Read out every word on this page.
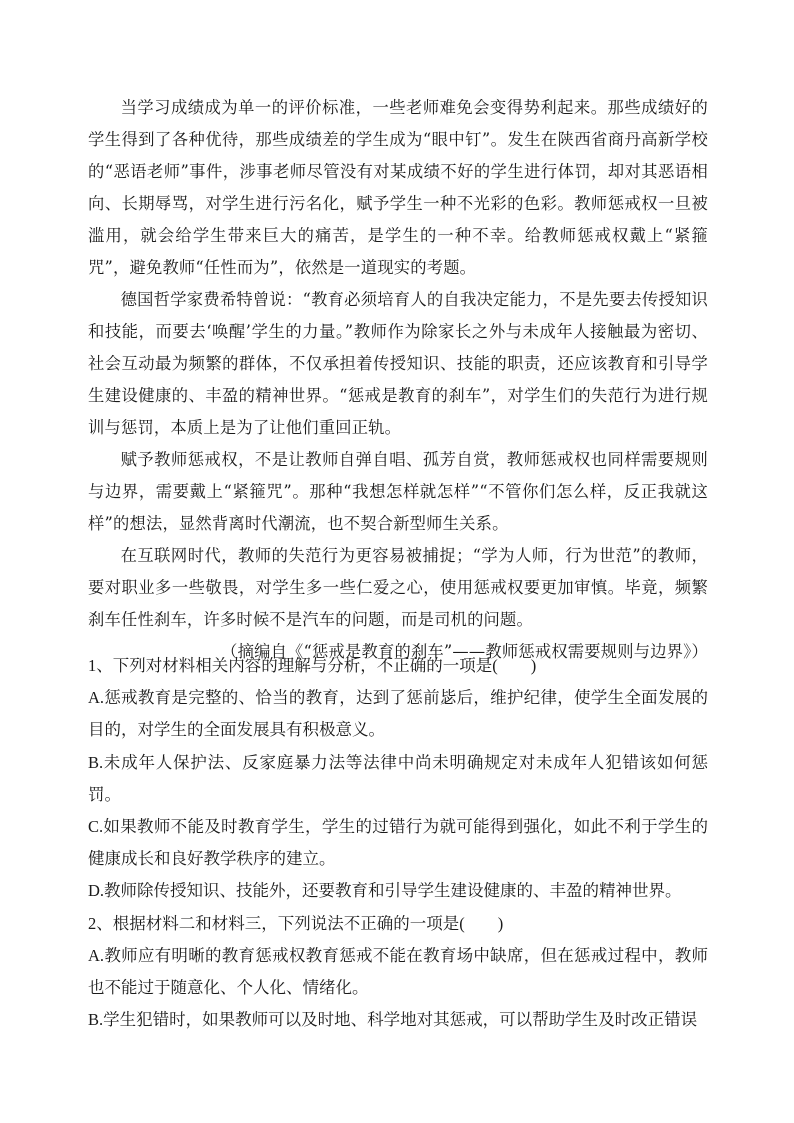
当学习成绩成为单一的评价标准，一些老师难免会变得势利起来。那些成绩好的学生得到了各种优待，那些成绩差的学生成为“眼中钉”。发生在陕西省商丹高新学校的“恶语老师”事件，涉事老师尽管没有对某成绩不好的学生进行体罚，却对其恶语相向、长期辱骂，对学生进行污名化，赋予学生一种不光彩的色彩。教师惩戒权一旦被滥用，就会给学生带来巨大的痛苦，是学生的一种不幸。给教师惩戒权戴上“紧箍咒”，避免教师“任性而为”，依然是一道现实的考题。

德国哲学家费希特曾说：“教育必须培育人的自我决定能力，不是先要去传授知识和技能，而要去‘唤醒’学生的力量。”教师作为除家长之外与未成年人接触最为密切、社会互动最为频繁的群体，不仅承担着传授知识、技能的职责，还应该教育和引导学生建设健康的、丰盈的精神世界。“惩戒是教育的刹车”，对学生们的失范行为进行规训与惩罚，本质上是为了让他们重回正轨。

赋予教师惩戒权，不是让教师自弹自唱、孤芳自赏，教师惩戒权也同样需要规则与边界，需要戴上“紧箍咒”。那种“我想怎样就怎样”“不管你们怎么样，反正我就这样”的想法，显然背离时代潮流，也不契合新型师生关系。

在互联网时代，教师的失范行为更容易被捕捉；“学为人师，行为世范”的教师，要对职业多一些敬畏，对学生多一些仁爱之心，使用惩戒权要更加审慎。毕竟，频繁刹车任性刹车，许多时候不是汽车的问题，而是司机的问题。

（摘编自《“惩戒是教育的刹车”——教师惩戒权需要规则与边界》）

1、下列对材料相关内容的理解与分析，不正确的一项是(　　)

A.惩戒教育是完整的、恰当的教育，达到了惩前毖后，维护纪律，使学生全面发展的目的，对学生的全面发展具有积极意义。

B.未成年人保护法、反家庭暴力法等法律中尚未明确规定对未成年人犯错该如何惩罚。

C.如果教师不能及时教育学生，学生的过错行为就可能得到强化，如此不利于学生的健康成长和良好教学秩序的建立。

D.教师除传授知识、技能外，还要教育和引导学生建设健康的、丰盈的精神世界。

2、根据材料二和材料三，下列说法不正确的一项是(　　)

A.教师应有明晰的教育惩戒权教育惩戒不能在教育场中缺席，但在惩戒过程中，教师也不能过于随意化、个人化、情绪化。

B.学生犯错时，如果教师可以及时地、科学地对其惩戒，可以帮助学生及时改正错误
